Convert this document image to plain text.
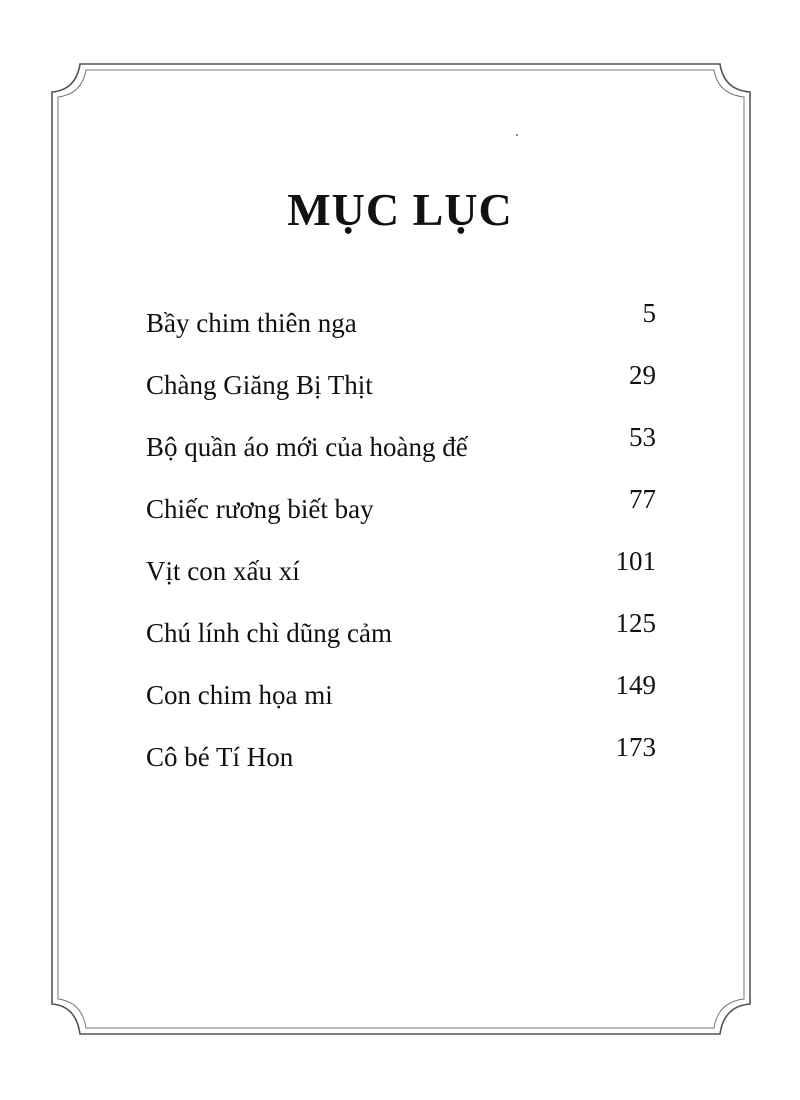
MỤC LỤC
Bầy chim thiên nga	5
Chàng Giăng Bị Thịt	29
Bộ quần áo mới của hoàng đế	53
Chiếc rương biết bay	77
Vịt con xấu xí	101
Chú lính chì dũng cảm	125
Con chim họa mi	149
Cô bé Tí Hon	173
